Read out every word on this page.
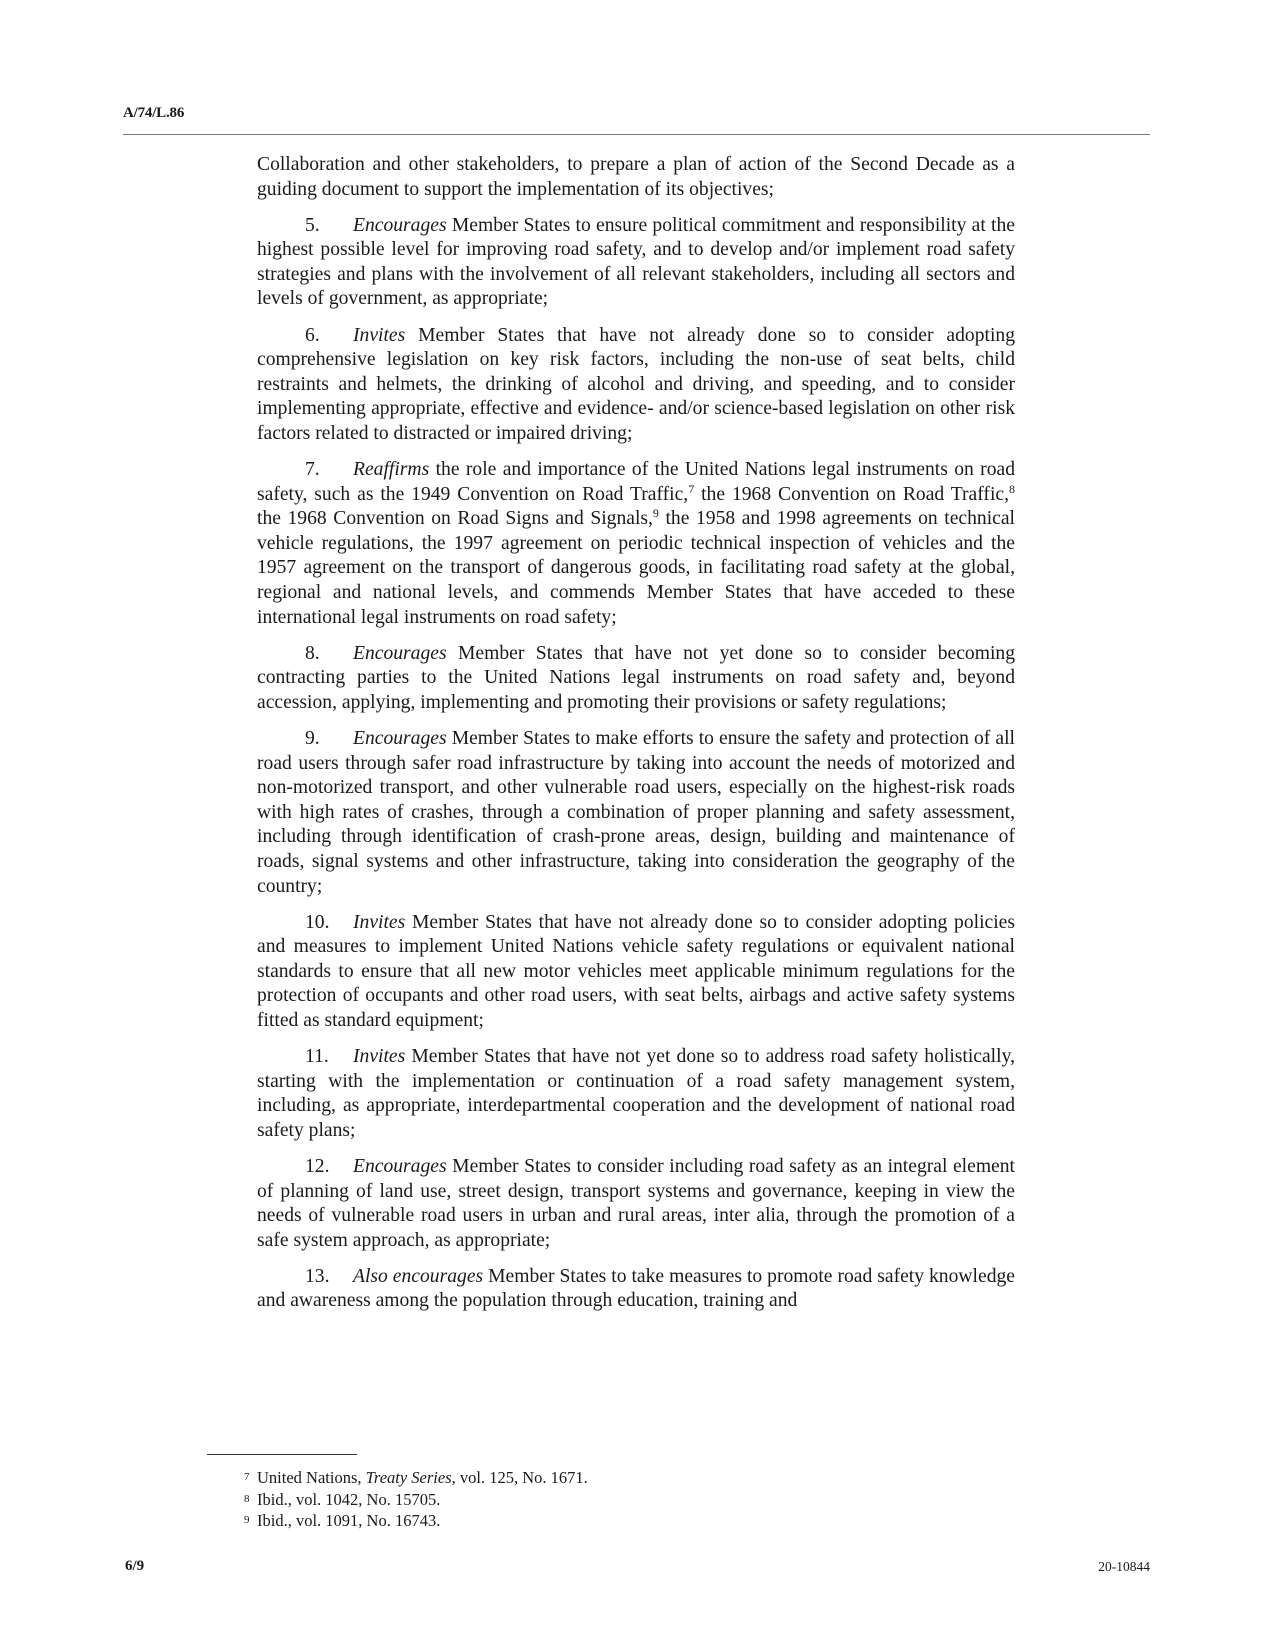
A/74/L.86

Collaboration and other stakeholders, to prepare a plan of action of the Second Decade as a guiding document to support the implementation of its objectives;

5. Encourages Member States to ensure political commitment and responsibility at the highest possible level for improving road safety, and to develop and/or implement road safety strategies and plans with the involvement of all relevant stakeholders, including all sectors and levels of government, as appropriate;

6. Invites Member States that have not already done so to consider adopting comprehensive legislation on key risk factors, including the non-use of seat belts, child restraints and helmets, the drinking of alcohol and driving, and speeding, and to consider implementing appropriate, effective and evidence- and/or science-based legislation on other risk factors related to distracted or impaired driving;

7. Reaffirms the role and importance of the United Nations legal instruments on road safety, such as the 1949 Convention on Road Traffic,$^7$ the 1968 Convention on Road Traffic,$^8$ the 1968 Convention on Road Signs and Signals,$^9$ the 1958 and 1998 agreements on technical vehicle regulations, the 1997 agreement on periodic technical inspection of vehicles and the 1957 agreement on the transport of dangerous goods, in facilitating road safety at the global, regional and national levels, and commends Member States that have acceded to these international legal instruments on road safety;

8. Encourages Member States that have not yet done so to consider becoming contracting parties to the United Nations legal instruments on road safety and, beyond accession, applying, implementing and promoting their provisions or safety regulations;

9. Encourages Member States to make efforts to ensure the safety and protection of all road users through safer road infrastructure by taking into account the needs of motorized and non-motorized transport, and other vulnerable road users, especially on the highest-risk roads with high rates of crashes, through a combination of proper planning and safety assessment, including through identification of crash-prone areas, design, building and maintenance of roads, signal systems and other infrastructure, taking into consideration the geography of the country;

10. Invites Member States that have not already done so to consider adopting policies and measures to implement United Nations vehicle safety regulations or equivalent national standards to ensure that all new motor vehicles meet applicable minimum regulations for the protection of occupants and other road users, with seat belts, airbags and active safety systems fitted as standard equipment;

11. Invites Member States that have not yet done so to address road safety holistically, starting with the implementation or continuation of a road safety management system, including, as appropriate, interdepartmental cooperation and the development of national road safety plans;

12. Encourages Member States to consider including road safety as an integral element of planning of land use, street design, transport systems and governance, keeping in view the needs of vulnerable road users in urban and rural areas, inter alia, through the promotion of a safe system approach, as appropriate;

13. Also encourages Member States to take measures to promote road safety knowledge and awareness among the population through education, training and

7 United Nations, Treaty Series, vol. 125, No. 1671.
8 Ibid., vol. 1042, No. 15705.
9 Ibid., vol. 1091, No. 16743.
6/9	20-10844
